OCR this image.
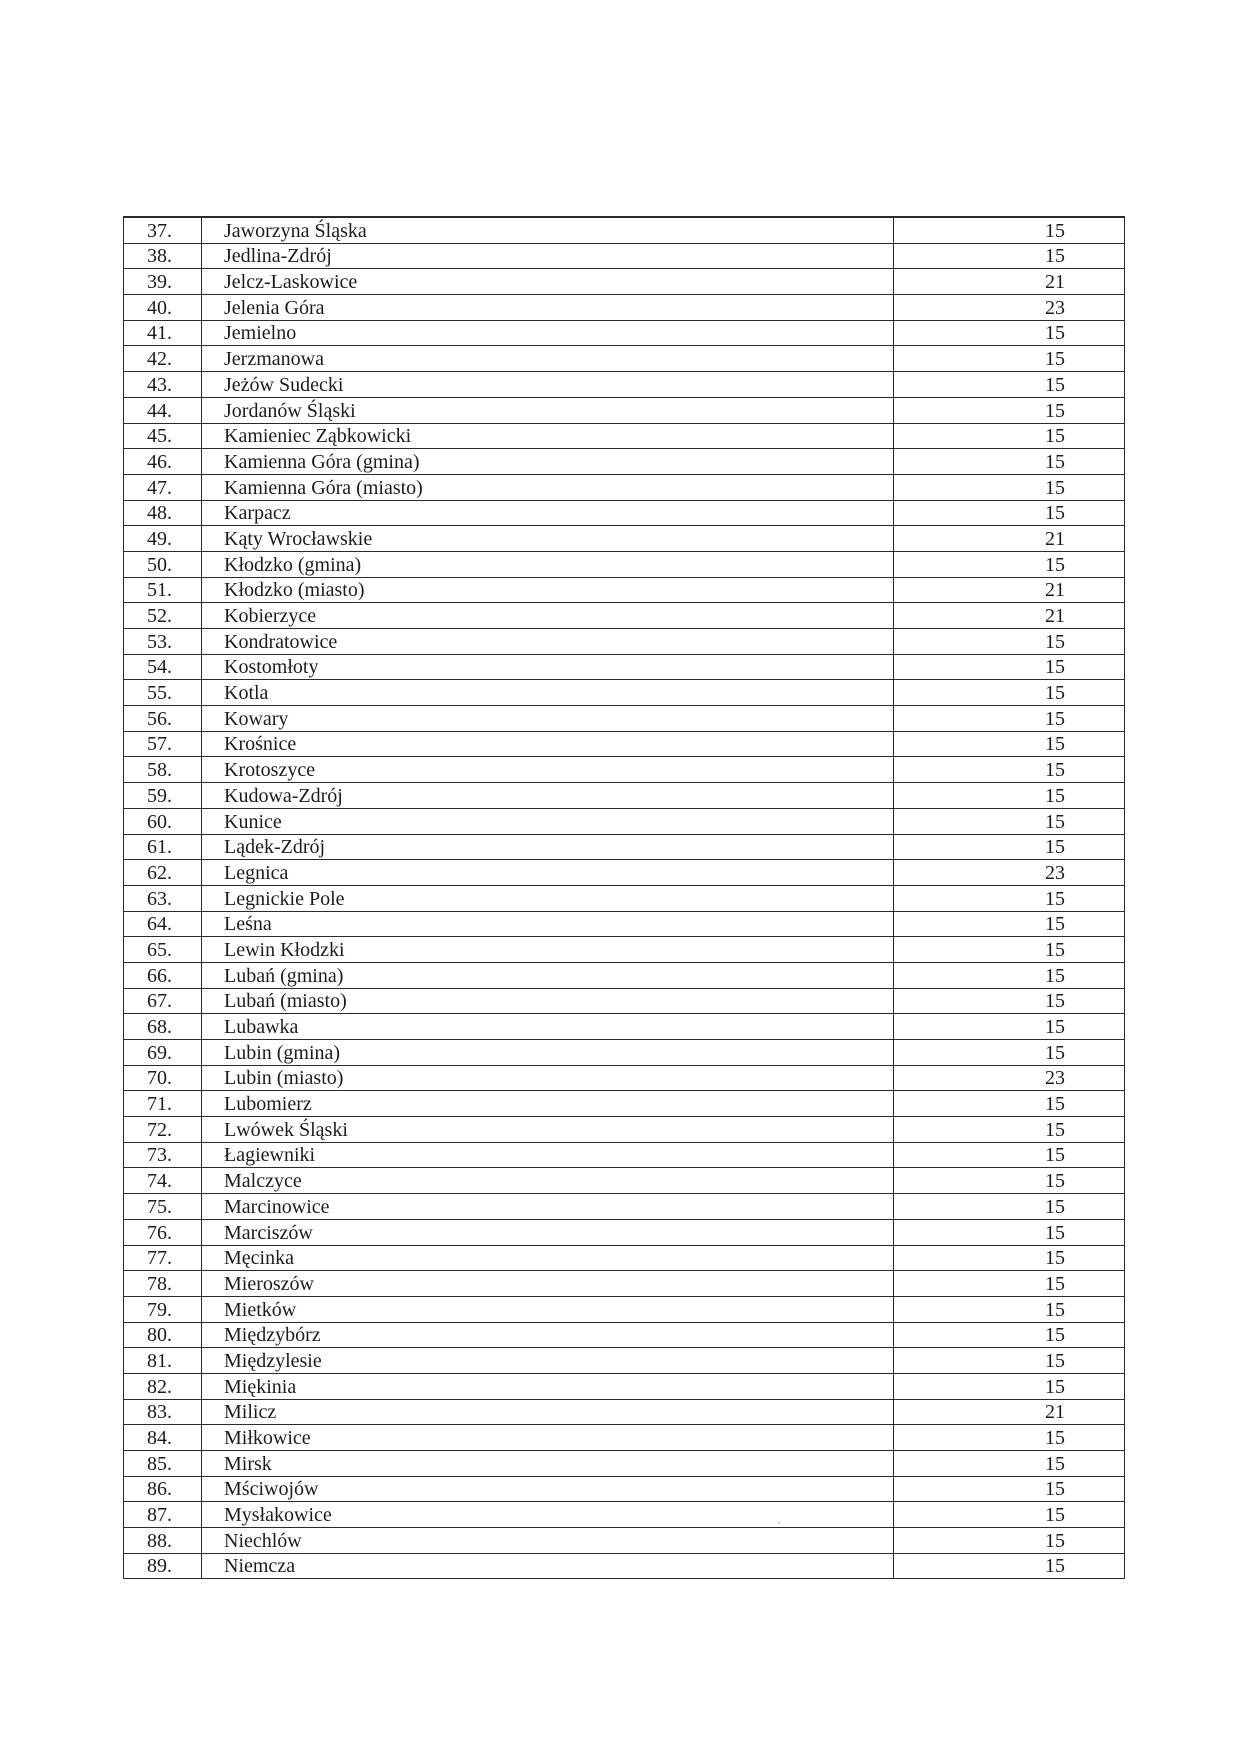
37.	Jaworzyna Śląska	15
38.	Jedlina-Zdrój	15
39.	Jelcz-Laskowice	21
40.	Jelenia Góra	23
41.	Jemielno	15
42.	Jerzmanowa	15
43.	Jeżów Sudecki	15
44.	Jordanów Śląski	15
45.	Kamieniec Ząbkowicki	15
46.	Kamienna Góra (gmina)	15
47.	Kamienna Góra (miasto)	15
48.	Karpacz	15
49.	Kąty Wrocławskie	21
50.	Kłodzko (gmina)	15
51.	Kłodzko (miasto)	21
52.	Kobierzyce	21
53.	Kondratowice	15
54.	Kostomłoty	15
55.	Kotla	15
56.	Kowary	15
57.	Krośnice	15
58.	Krotoszyce	15
59.	Kudowa-Zdrój	15
60.	Kunice	15
61.	Lądek-Zdrój	15
62.	Legnica	23
63.	Legnickie Pole	15
64.	Leśna	15
65.	Lewin Kłodzki	15
66.	Lubań (gmina)	15
67.	Lubań (miasto)	15
68.	Lubawka	15
69.	Lubin (gmina)	15
70.	Lubin (miasto)	23
71.	Lubomierz	15
72.	Lwówek Śląski	15
73.	Łagiewniki	15
74.	Malczyce	15
75.	Marcinowice	15
76.	Marciszów	15
77.	Męcinka	15
78.	Mieroszów	15
79.	Mietków	15
80.	Międzybórz	15
81.	Międzylesie	15
82.	Miękinia	15
83.	Milicz	21
84.	Miłkowice	15
85.	Mirsk	15
86.	Mściwojów	15
87.	Mysłakowice	15
88.	Niechlów	15
89.	Niemcza	15
